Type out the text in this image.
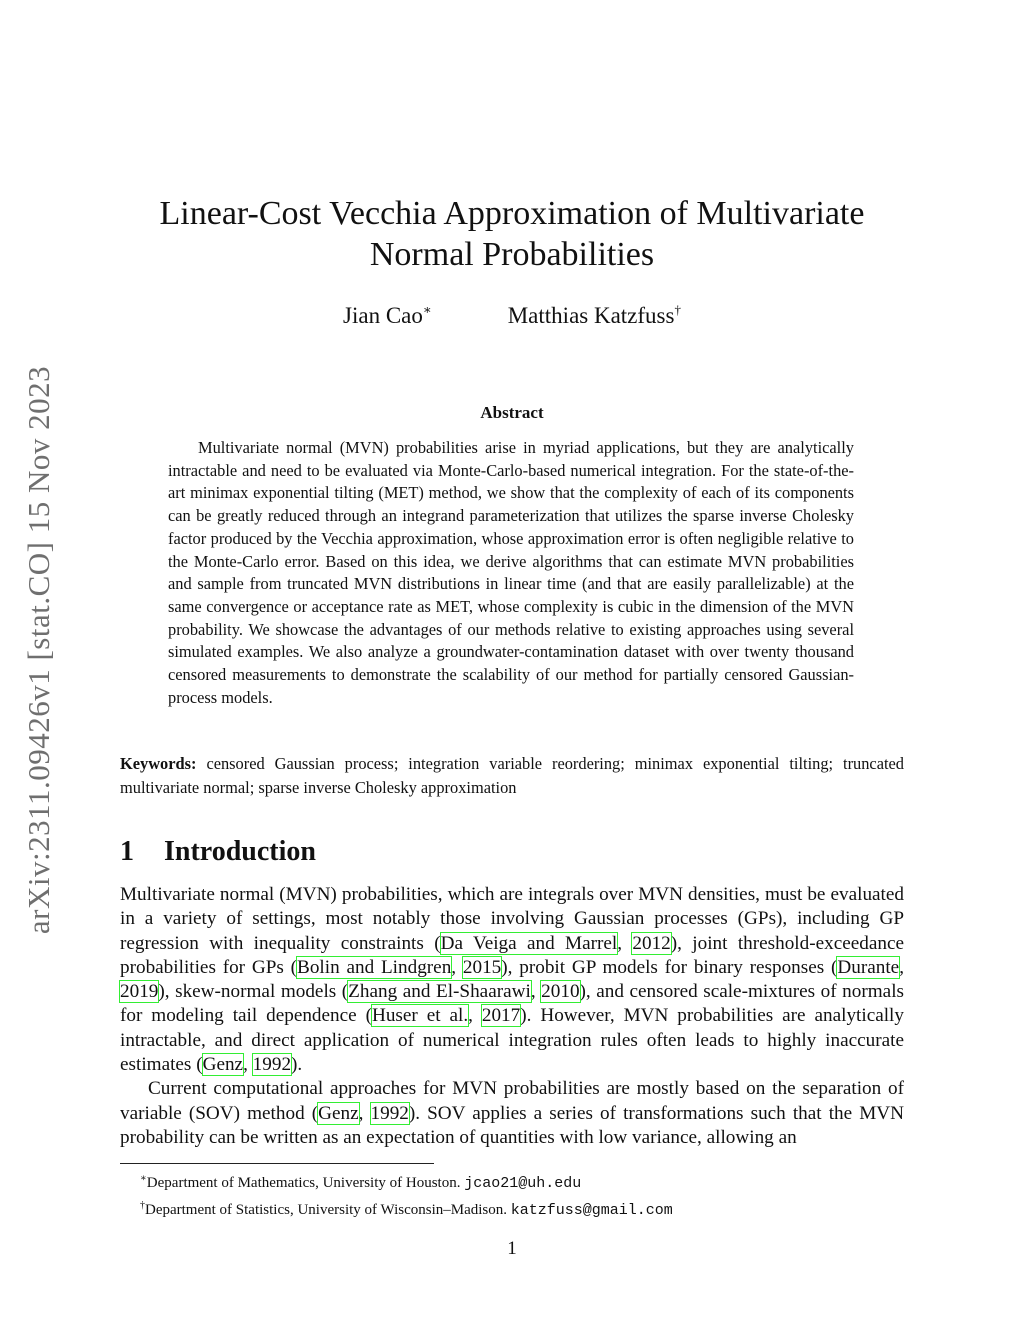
arXiv:2311.09426v1 [stat.CO] 15 Nov 2023
Linear-Cost Vecchia Approximation of Multivariate
Normal Probabilities
Jian Cao∗	Matthias Katzfuss†
Abstract

Multivariate normal (MVN) probabilities arise in myriad applications, but they are analytically intractable and need to be evaluated via Monte-Carlo-based numerical integration. For the state-of-the-art minimax exponential tilting (MET) method, we show that the complexity of each of its components can be greatly reduced through an integrand parameterization that utilizes the sparse inverse Cholesky factor produced by the Vecchia approximation, whose approximation error is often negligible relative to the Monte-Carlo error. Based on this idea, we derive algorithms that can estimate MVN probabilities and sample from truncated MVN distributions in linear time (and that are easily parallelizable) at the same convergence or acceptance rate as MET, whose complexity is cubic in the dimension of the MVN probability. We showcase the advantages of our methods relative to existing approaches using several simulated examples. We also analyze a groundwater-contamination dataset with over twenty thousand censored measurements to demonstrate the scalability of our method for partially censored Gaussian-process models.

Keywords: censored Gaussian process; integration variable reordering; minimax exponential tilting; truncated multivariate normal; sparse inverse Cholesky approximation

1 Introduction

Multivariate normal (MVN) probabilities, which are integrals over MVN densities, must be evaluated in a variety of settings, most notably those involving Gaussian processes (GPs), including GP regression with inequality constraints (Da Veiga and Marrel, 2012), joint threshold-exceedance probabilities for GPs (Bolin and Lindgren, 2015), probit GP models for binary responses (Durante, 2019), skew-normal models (Zhang and El-Shaarawi, 2010), and censored scale-mixtures of normals for modeling tail dependence (Huser et al., 2017). However, MVN probabilities are analytically intractable, and direct application of numerical integration rules often leads to highly inaccurate estimates (Genz, 1992).

Current computational approaches for MVN probabilities are mostly based on the separation of variable (SOV) method (Genz, 1992). SOV applies a series of transformations such that the MVN probability can be written as an expectation of quantities with low variance, allowing an

∗Department of Mathematics, University of Houston. jcao21@uh.edu
†Department of Statistics, University of Wisconsin–Madison. katzfuss@gmail.com
1
